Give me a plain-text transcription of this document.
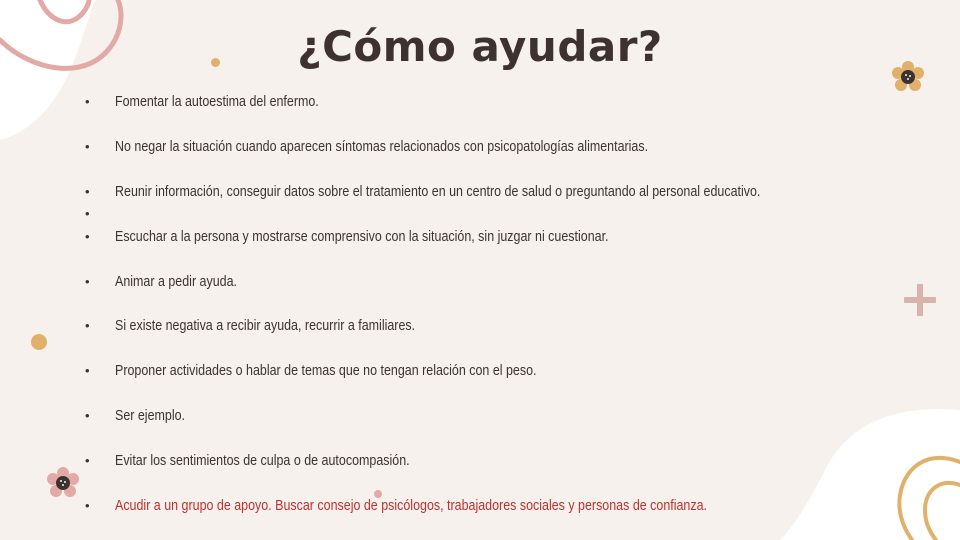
¿Cómo ayudar?
• Fomentar la autoestima del enfermo.
• No negar la situación cuando aparecen síntomas relacionados con psicopatologías alimentarias.
• Reunir información, conseguir datos sobre el tratamiento en un centro de salud o preguntando al personal educativo.
•
• Escuchar a la persona y mostrarse comprensivo con la situación, sin juzgar ni cuestionar.
• Animar a pedir ayuda.
• Si existe negativa a recibir ayuda, recurrir a familiares.
• Proponer actividades o hablar de temas que no tengan relación con el peso.
• Ser ejemplo.
• Evitar los sentimientos de culpa o de autocompasión.
• Acudir a un grupo de apoyo. Buscar consejo de psicólogos, trabajadores sociales y personas de confianza.
